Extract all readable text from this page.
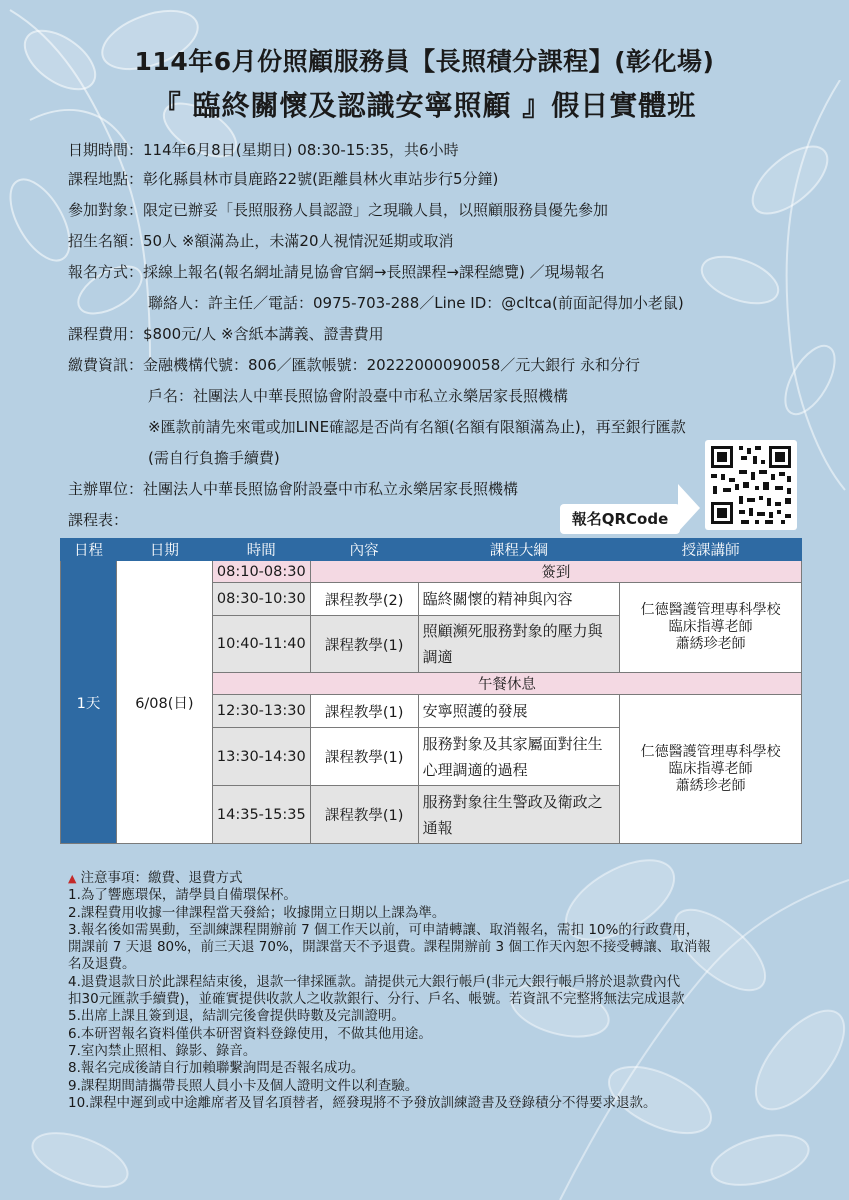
114年6月份照顧服務員【長照積分課程】(彰化場)
『 臨終關懷及認識安寧照顧 』假日實體班
日期時間：114年6月8日(星期日) 08:30-15:35，共6小時
課程地點：彰化縣員林市員鹿路22號(距離員林火車站步行5分鐘)
參加對象：限定已辦妥「長照服務人員認證」之現職人員，以照顧服務員優先參加
招生名額：50人 ※額滿為止，未滿20人視情況延期或取消
報名方式：採線上報名(報名網址請見協會官網→長照課程→課程總覽) ／現場報名
聯絡人：許主任／電話：0975-703-288／Line ID：@cltca(前面記得加小老鼠)
課程費用：$800元/人 ※含紙本講義、證書費用
繳費資訊：金融機構代號：806／匯款帳號：20222000090058／元大銀行 永和分行
戶名：社團法人中華長照協會附設臺中市私立永樂居家長照機構
※匯款前請先來電或加LINE確認是否尚有名額(名額有限額滿為止)，再至銀行匯款
(需自行負擔手續費)
主辦單位：社團法人中華長照協會附設臺中市私立永樂居家長照機構
課程表：	報名QRCode
日程	日期	時間	內容	課程大綱	授課講師
1天	6/08(日)	08:10-08:30	簽到		
		08:30-10:30	課程教學(2)	臨終關懷的精神與內容	仁德醫護管理專科學校
臨床指導老師
蕭綉珍老師

		10:40-11:40	課程教學(1)	照顧瀕死服務對象的壓力與調適	
		午餐休息			
		12:30-13:30	課程教學(1)	安寧照護的發展	仁德醫護管理專科學校
臨床指導老師
蕭綉珍老師

		13:30-14:30	課程教學(1)	服務對象及其家屬面對往生心理調適的過程	
		14:35-15:35	課程教學(1)	服務對象往生警政及衛政之通報	
▲ 注意事項：繳費、退費方式
1.為了響應環保，請學員自備環保杯。
2.課程費用收據一律課程當天發給；收據開立日期以上課為準。
3.報名後如需異動，至訓練課程開辦前 7 個工作天以前，可申請轉讓、取消報名，需扣 10%的行政費用，
開課前 7 天退 80%，前三天退 70%，開課當天不予退費。課程開辦前 3 個工作天內恕不接受轉讓、取消報
名及退費。
4.退費退款日於此課程結束後，退款一律採匯款。請提供元大銀行帳戶(非元大銀行帳戶將於退款費內代
扣30元匯款手續費)，並確實提供收款人之收款銀行、分行、戶名、帳號。若資訊不完整將無法完成退款
5.出席上課且簽到退，結訓完後會提供時數及完訓證明。
6.本研習報名資料僅供本研習資料登錄使用，不做其他用途。
7.室內禁止照相、錄影、錄音。
8.報名完成後請自行加賴聯繫詢問是否報名成功。
9.課程期間請攜帶長照人員小卡及個人證明文件以利查驗。
10.課程中遲到或中途離席者及冒名頂替者，經發現將不予發放訓練證書及登錄積分不得要求退款。
